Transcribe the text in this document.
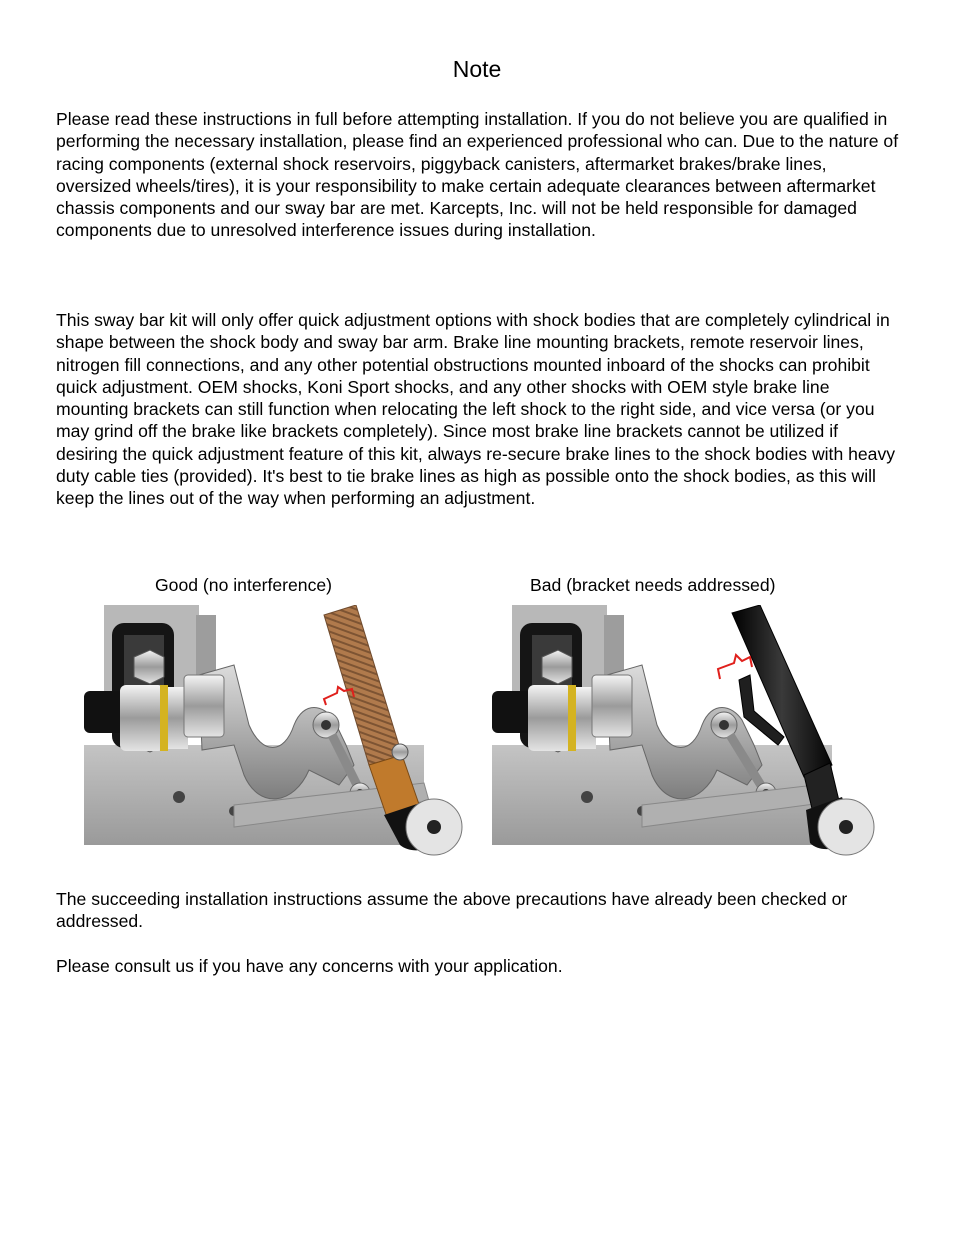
Note

Please read these instructions in full before attempting installation. If you do not believe you are qualified in performing the necessary installation, please find an experienced professional who can. Due to the nature of racing components (external shock reservoirs, piggyback canisters, aftermarket brakes/brake lines, oversized wheels/tires), it is your responsibility to make certain adequate clearances between aftermarket chassis components and our sway bar are met. Karcepts, Inc. will not be held responsible for damaged components due to unresolved interference issues during installation.

This sway bar kit will only offer quick adjustment options with shock bodies that are completely cylindrical in shape between the shock body and sway bar arm. Brake line mounting brackets, remote reservoir lines, nitrogen fill connections, and any other potential obstructions mounted inboard of the shocks can prohibit quick adjustment. OEM shocks, Koni Sport shocks, and any other shocks with OEM style brake line mounting brackets can still function when relocating the left shock to the right side, and vice versa (or you may grind off the brake like brackets completely). Since most brake line brackets cannot be utilized if desiring the quick adjustment feature of this kit, always re-secure brake lines to the shock bodies with heavy duty cable ties (provided). It's best to tie brake lines as high as possible onto the shock bodies, as this will keep the lines out of the way when performing an adjustment.

Good (no interference)	Bad (bracket needs addressed)

The succeeding installation instructions assume the above precautions have already been checked or addressed.

Please consult us if you have any concerns with your application.
